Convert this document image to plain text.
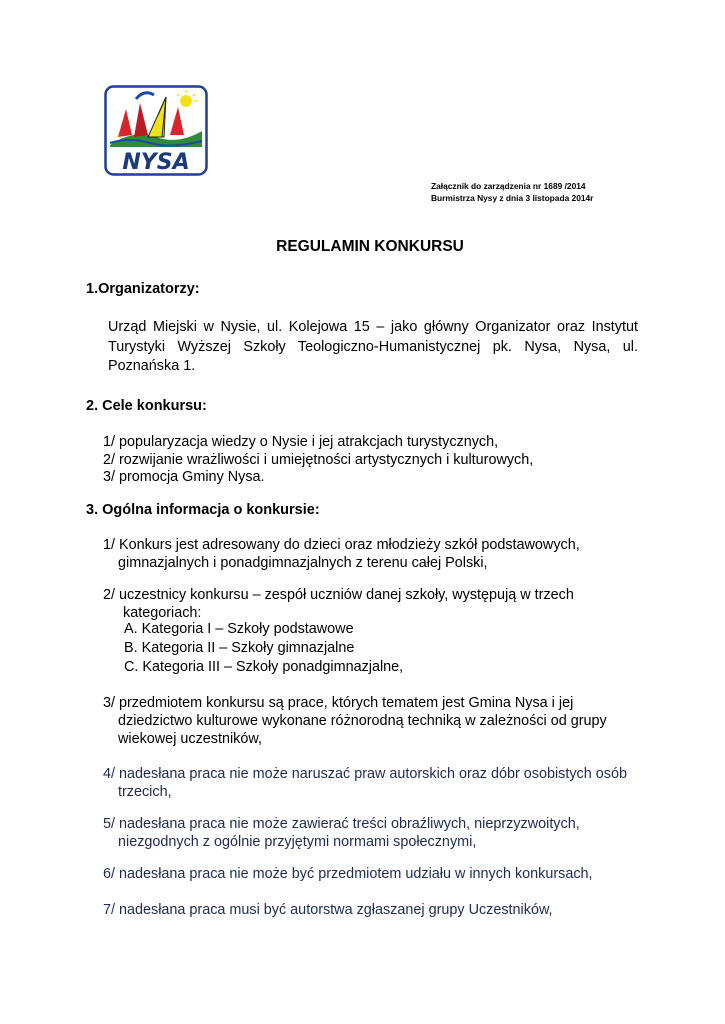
NYSA
Załącznik do zarządzenia nr 1689 /2014
Burmistrza Nysy z dnia 3 listopada 2014r
REGULAMIN KONKURSU
1.Organizatorzy:
Urząd Miejski w Nysie, ul. Kolejowa 15 – jako główny Organizator oraz Instytut
Turystyki Wyższej Szkoły Teologiczno-Humanistycznej pk. Nysa, Nysa, ul.
Poznańska 1.
2. Cele konkursu:
1/ popularyzacja wiedzy o Nysie i jej atrakcjach turystycznych,
2/ rozwijanie wrażliwości i umiejętności artystycznych i kulturowych,
3/ promocja Gminy Nysa.
3. Ogólna informacja o konkursie:
1/ Konkurs jest adresowany do dzieci oraz młodzieży szkół podstawowych,
gimnazjalnych i ponadgimnazjalnych z terenu całej Polski,
2/ uczestnicy konkursu – zespół uczniów danej szkoły, występują w trzech
kategoriach:
A. Kategoria I – Szkoły podstawowe
B. Kategoria II – Szkoły gimnazjalne
C. Kategoria III – Szkoły ponadgimnazjalne,
3/ przedmiotem konkursu są prace, których tematem jest Gmina Nysa i jej
dziedzictwo kulturowe wykonane różnorodną techniką w zależności od grupy
wiekowej uczestników,
4/ nadesłana praca nie może naruszać praw autorskich oraz dóbr osobistych osób
trzecich,
5/ nadesłana praca nie może zawierać treści obraźliwych, nieprzyzwoitych,
niezgodnych z ogólnie przyjętymi normami społecznymi,
6/ nadesłana praca nie może być przedmiotem udziału w innych konkursach,
7/ nadesłana praca musi być autorstwa zgłaszanej grupy Uczestników,
